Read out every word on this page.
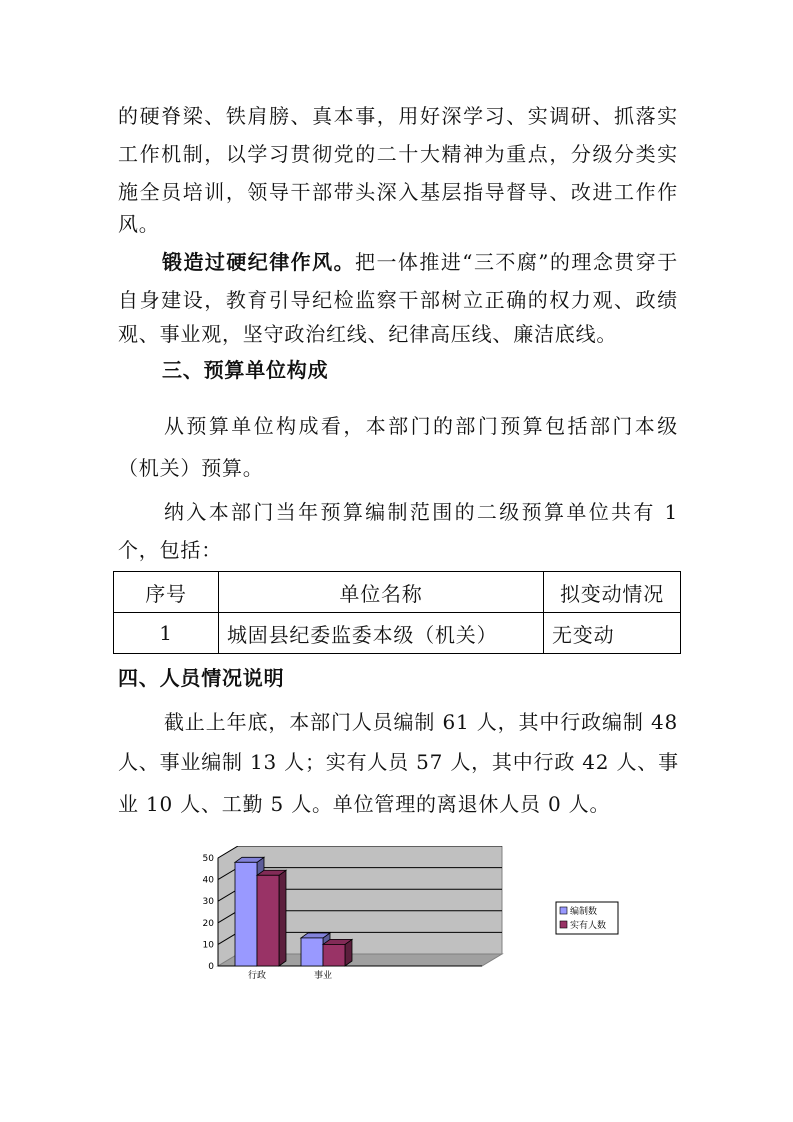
的硬脊梁、铁肩膀、真本事，用好深学习、实调研、抓落实
工作机制，以学习贯彻党的二十大精神为重点，分级分类实
施全员培训，领导干部带头深入基层指导督导、改进工作作
风。
锻造过硬纪律作风。把一体推进“三不腐”的理念贯穿于
自身建设，教育引导纪检监察干部树立正确的权力观、政绩
观、事业观，坚守政治红线、纪律高压线、廉洁底线。
三、预算单位构成
从预算单位构成看，本部门的部门预算包括部门本级
（机关）预算。
纳入本部门当年预算编制范围的二级预算单位共有 1
个，包括：
序号	单位名称	拟变动情况
1	城固县纪委监委本级（机关）	无变动
四、人员情况说明
截止上年底，本部门人员编制 61 人，其中行政编制 48
人、事业编制 13 人；实有人员 57 人，其中行政 42 人、事
业 10 人、工勤 5 人。单位管理的离退休人员 0 人。
0
10
20
30
40
50
行政	事业
编制数
实有人数
